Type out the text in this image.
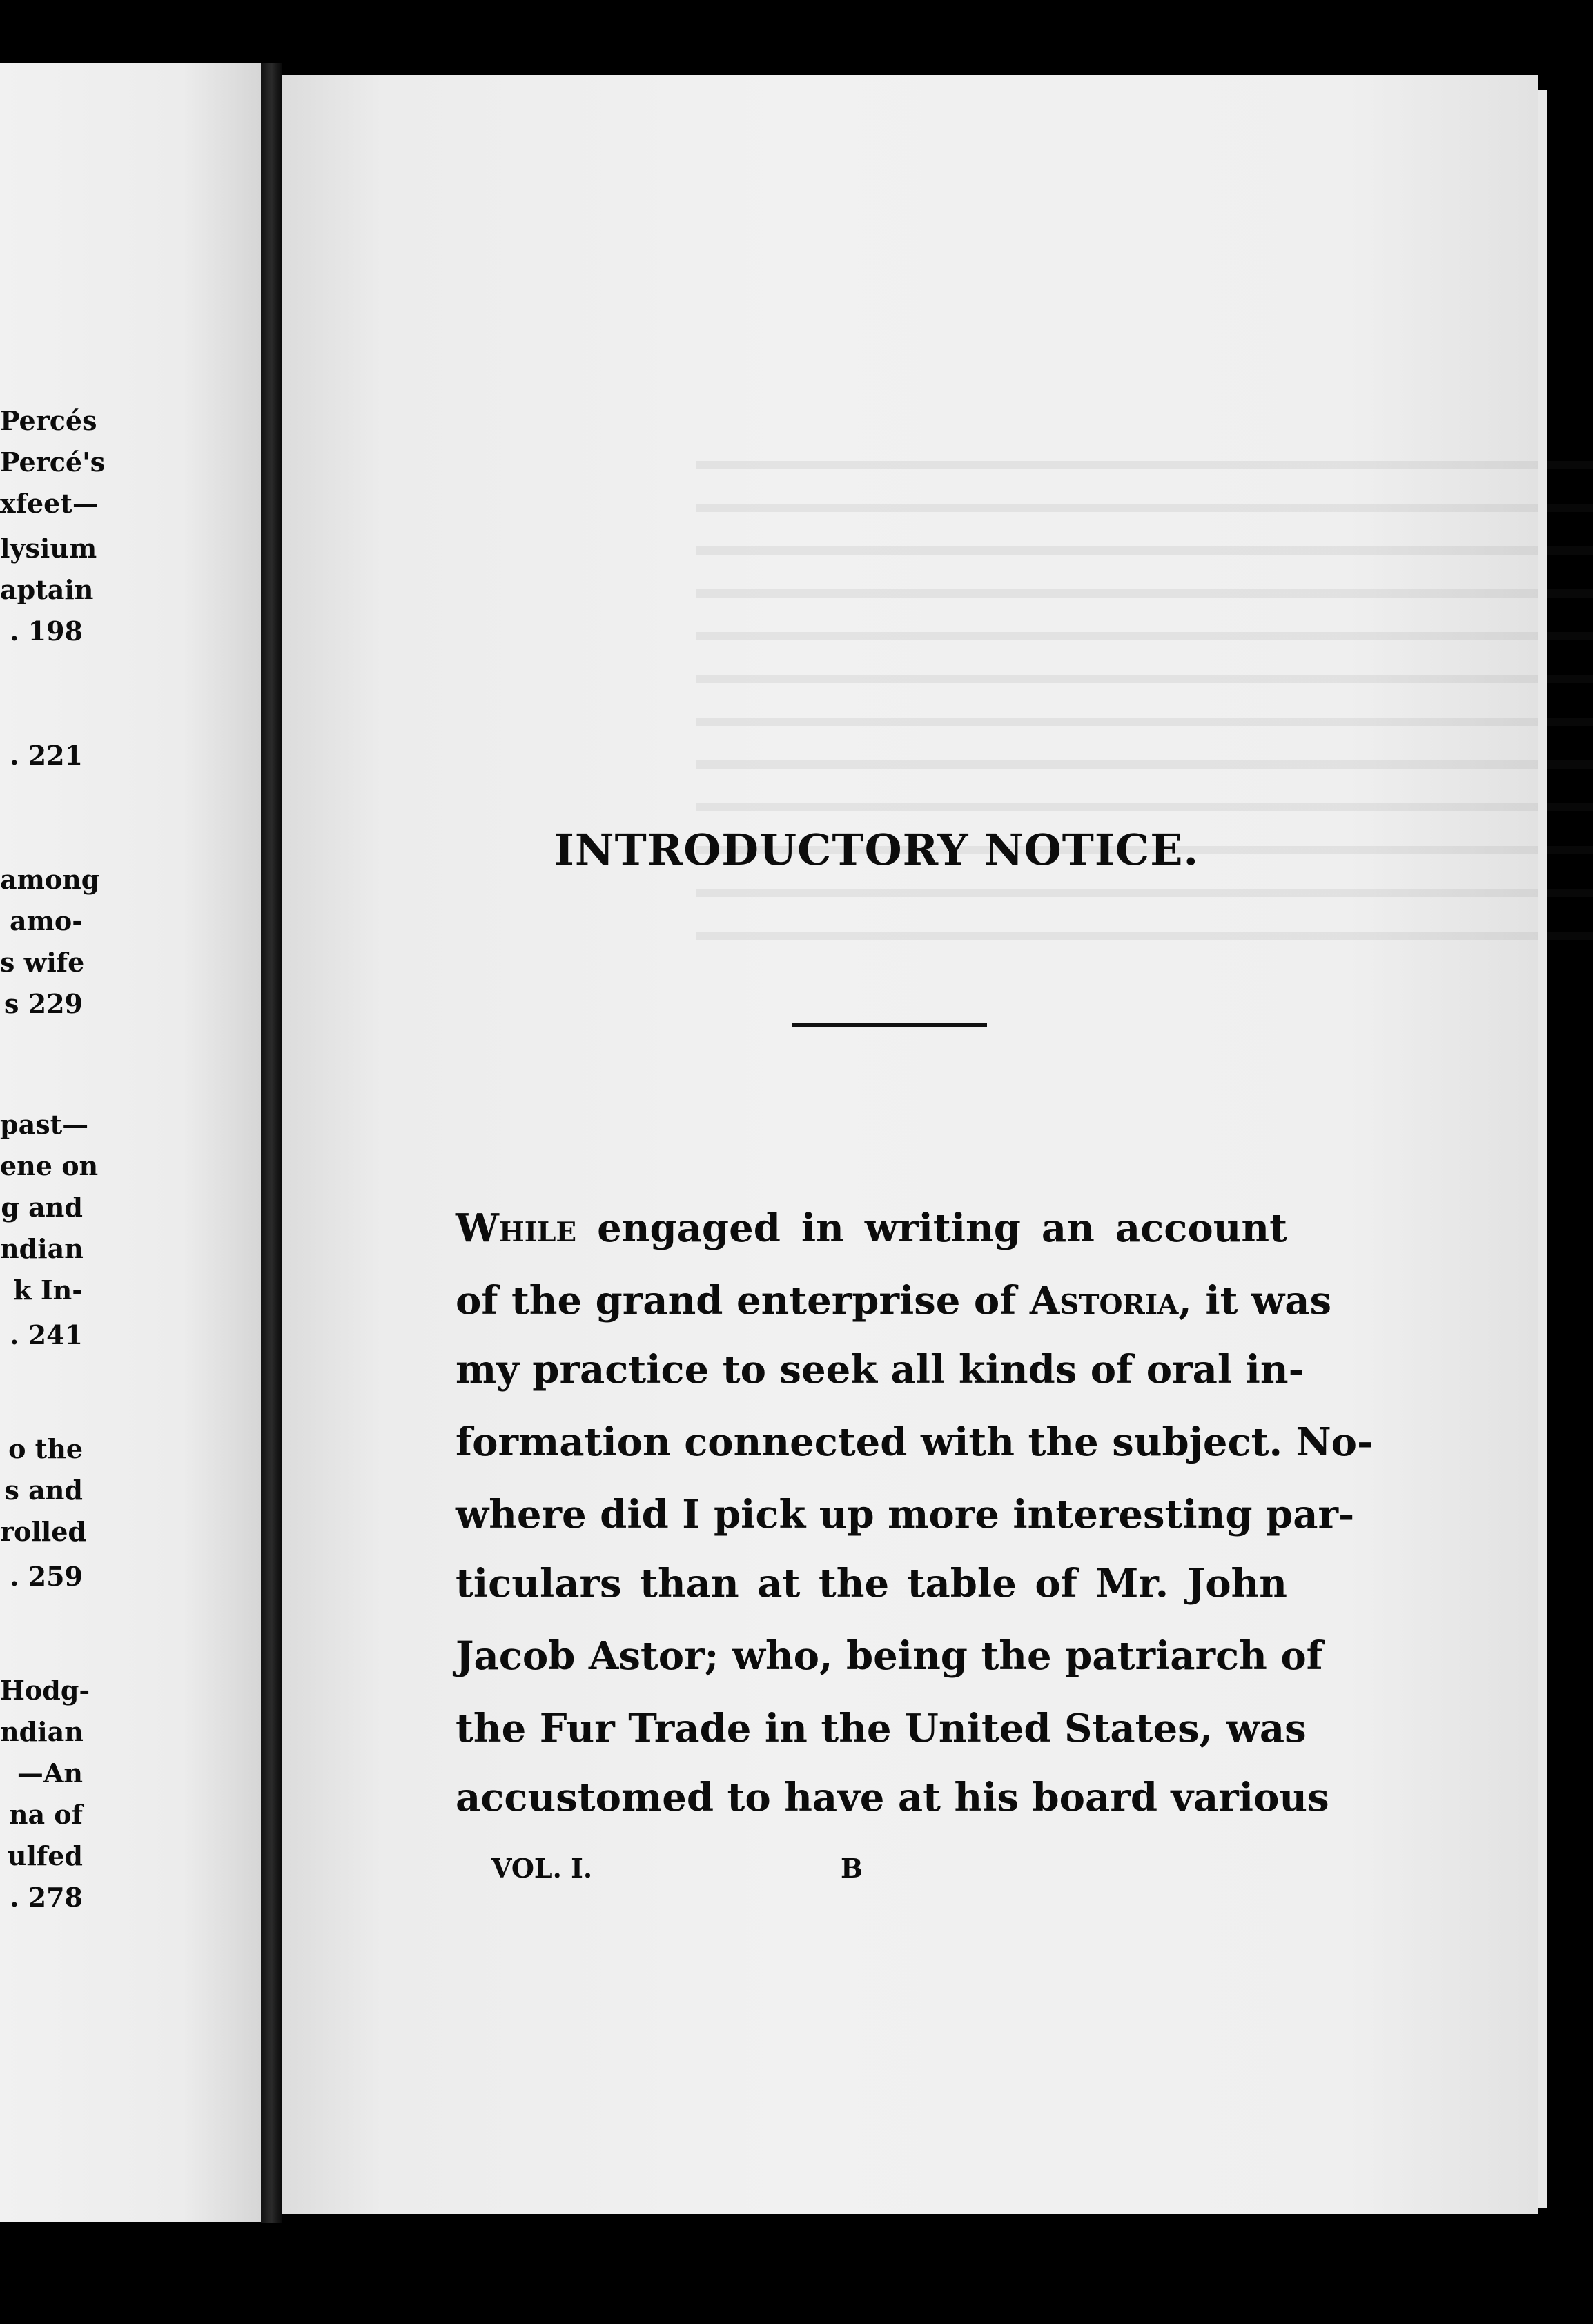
Percés
Percé's
xfeet—
lysium
aptain
. 198
. 221
among
amo-
s wife
s 229
past—
ene on
g and
ndian
k In-
. 241
o the
s and
rolled
. 259
Hodg-
ndian
—An
na of
ulfed
. 278
INTRODUCTORY NOTICE.
While engaged in writing an account
of the grand enterprise of Astoria, it was
my practice to seek all kinds of oral in-
formation connected with the subject. No-
where did I pick up more interesting par-
ticulars than at the table of Mr. John
Jacob Astor; who, being the patriarch of
the Fur Trade in the United States, was
accustomed to have at his board various
VOL. I.	B
